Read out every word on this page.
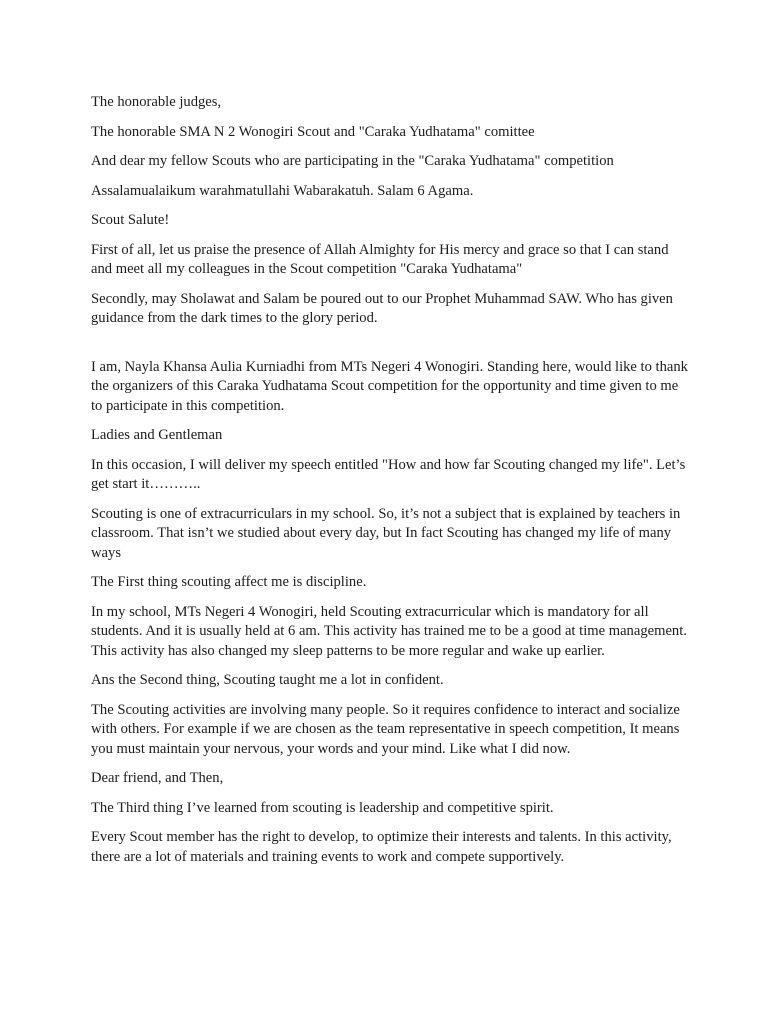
The honorable judges,

The honorable SMA N 2 Wonogiri Scout and "Caraka Yudhatama" comittee

And dear my fellow Scouts who are participating in the "Caraka Yudhatama" competition

Assalamualaikum warahmatullahi Wabarakatuh. Salam 6 Agama.

Scout Salute!

First of all, let us praise the presence of Allah Almighty for His mercy and grace so that I can stand and meet all my colleagues in the Scout competition "Caraka Yudhatama"

Secondly, may Sholawat and Salam be poured out to our Prophet Muhammad SAW. Who has given guidance from the dark times to the glory period.

I am, Nayla Khansa Aulia Kurniadhi from MTs Negeri 4 Wonogiri. Standing here, would like to thank the organizers of this Caraka Yudhatama Scout competition for the opportunity and time given to me to participate in this competition.

Ladies and Gentleman

In this occasion, I will deliver my speech entitled "How and how far Scouting changed my life". Let’s get start it………..

Scouting is one of extracurriculars in my school. So, it’s not a subject that is explained by teachers in classroom. That isn’t we studied about every day, but In fact Scouting has changed my life of many ways

The First thing scouting affect me is discipline.

In my school, MTs Negeri 4 Wonogiri, held Scouting extracurricular which is mandatory for all students. And it is usually held at 6 am. This activity has trained me to be a good at time management. This activity has also changed my sleep patterns to be more regular and wake up earlier.

Ans the Second thing, Scouting taught me a lot in confident.

The Scouting activities are involving many people. So it requires confidence to interact and socialize with others. For example if we are chosen as the team representative in speech competition, It means you must maintain your nervous, your words and your mind. Like what I did now.

Dear friend, and Then,

The Third thing I’ve learned from scouting is leadership and competitive spirit.

Every Scout member has the right to develop, to optimize their interests and talents. In this activity, there are a lot of materials and training events to work and compete supportively.
